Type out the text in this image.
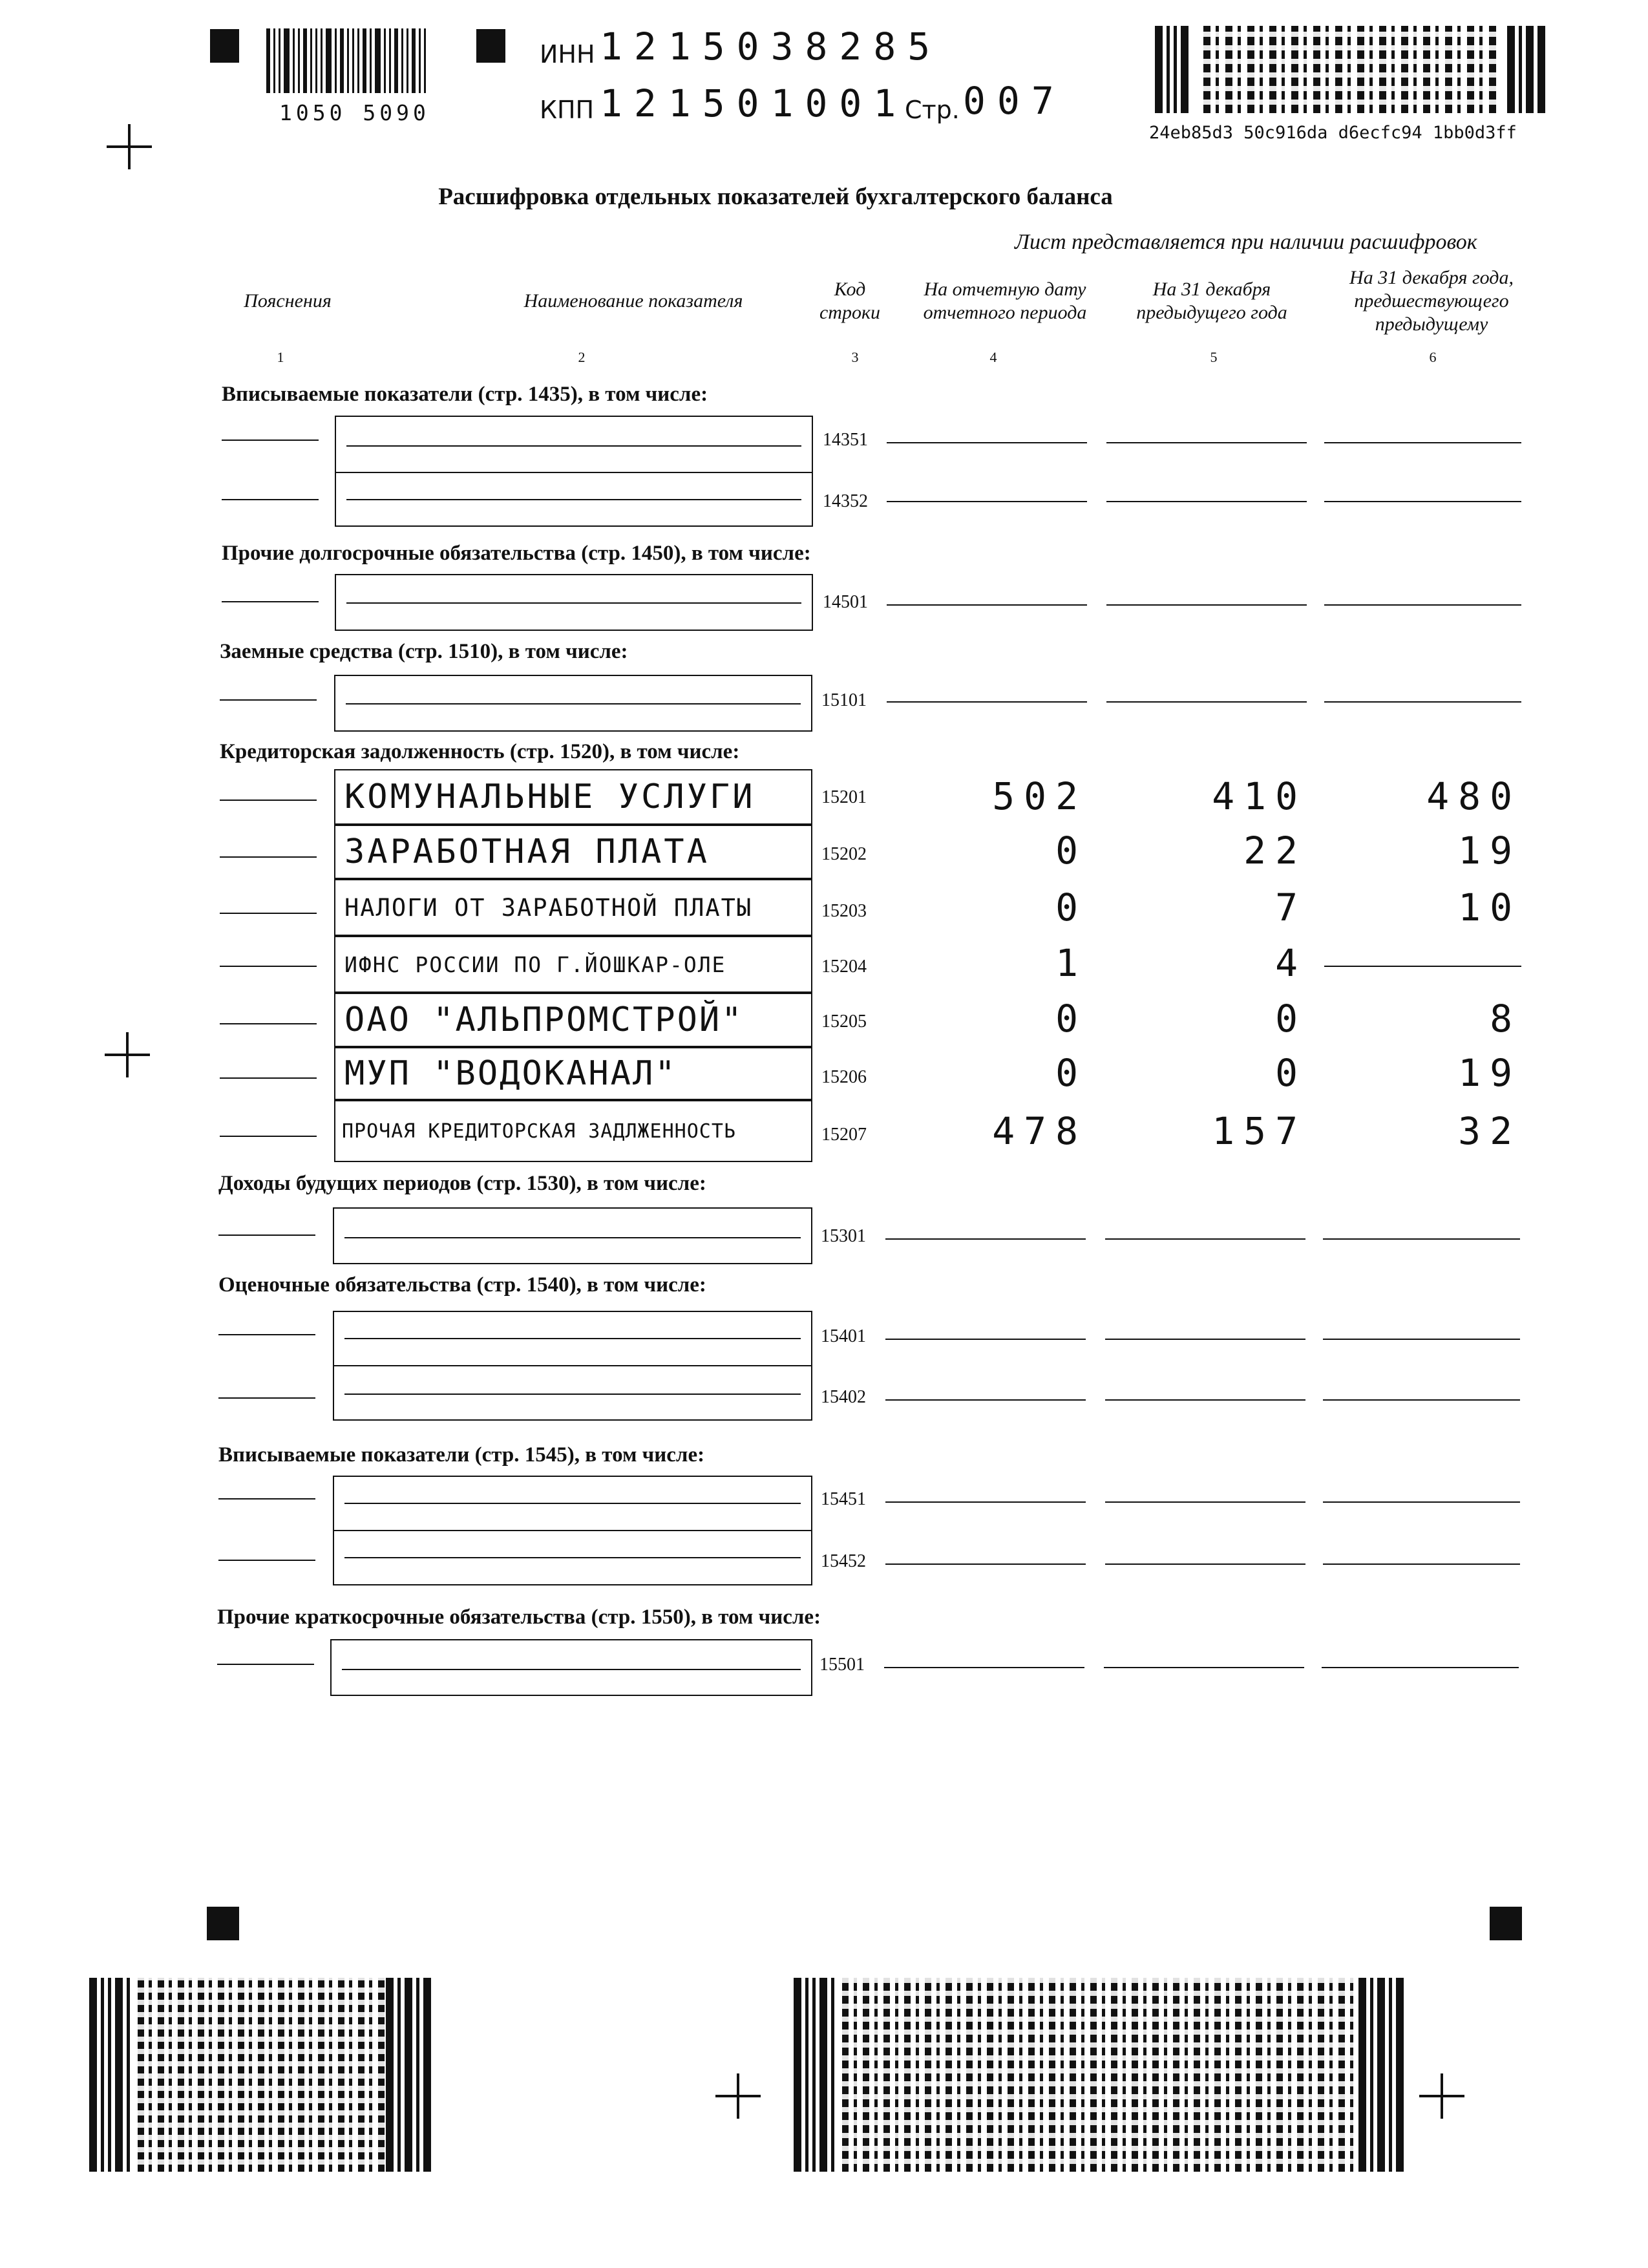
1050 5090
ИНН 1215038285
КПП 121501001
Стр. 007
24eb85d3 50c916da d6ecfc94 1bb0d3ff
Расшифровка отдельных показателей бухгалтерского баланса
Лист представляется при наличии расшифровок
Пояснения	Наименование показателя
Код
строки
На отчетную дату
отчетного периода
На 31 декабря
предыдущего года
На 31 декабря года,
предшествующего
предыдущему
1	2	3	4	5	6
Вписываемые показатели (стр. 1435), в том числе:
14351
14352
Прочие долгосрочные обязательства (стр. 1450), в том числе:
14501
Заемные средства (стр. 1510), в том числе:
15101
Кредиторская задолженность (стр. 1520), в том числе:
КОМУНАЛЬНЫЕ УСЛУГИ	15201	502	410	480
ЗАРАБОТНАЯ ПЛАТА	15202	0	22	19
НАЛОГИ ОТ ЗАРАБОТНОЙ ПЛАТЫ	15203	0	7	10
ИФНС РОССИИ ПО Г.ЙОШКАР-ОЛЕ	15204	1	4
ОАО "АЛЬПРОМСТРОЙ"	15205	0	0	8
МУП "ВОДОКАНАЛ"	15206	0	0	19
ПРОЧАЯ КРЕДИТОРСКАЯ ЗАДЛЖЕННОСТЬ	15207	478	157	32
Доходы будущих периодов (стр. 1530), в том числе:
15301
Оценочные обязательства (стр. 1540), в том числе:
15401
15402
Вписываемые показатели (стр. 1545), в том числе:
15451
15452
Прочие краткосрочные обязательства (стр. 1550), в том числе:
15501
